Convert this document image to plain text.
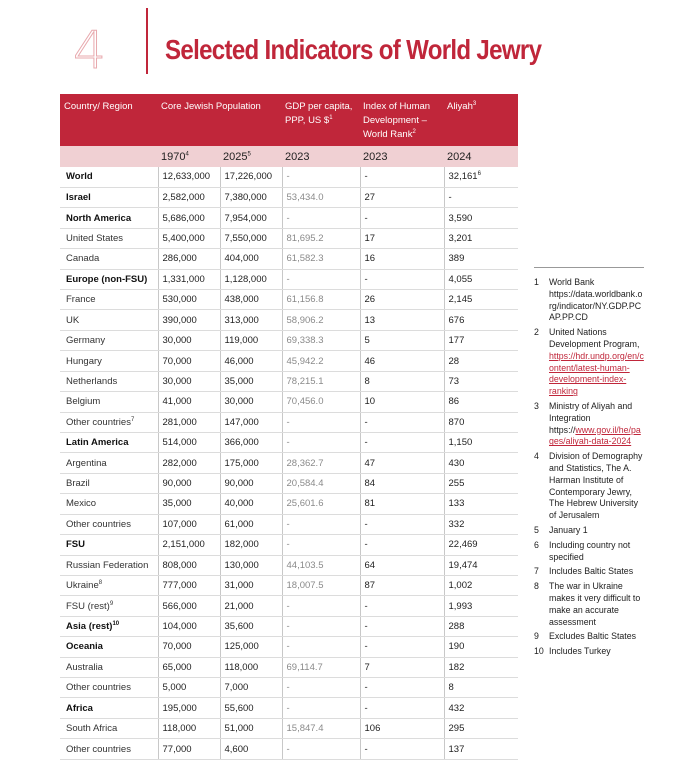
4 Selected Indicators of World Jewry
Country/ Region	Core Jewish Population		GDP per capita, PPP, US \$$^1$	Index of Human Development – World Rank$^2$	Aliyah$^3$
	1970$^4$	2025$^5$	2023	2023	2024
World	12,633,000	17,226,000	-	-	32,161$^6$
Israel	2,582,000	7,380,000	53,434.0	27	-
North America	5,686,000	7,954,000	-	-	3,590
United States	5,400,000	7,550,000	81,695.2	17	3,201
Canada	286,000	404,000	61,582.3	16	389
Europe (non-FSU)	1,331,000	1,128,000	-	-	4,055
France	530,000	438,000	61,156.8	26	2,145
UK	390,000	313,000	58,906.2	13	676
Germany	30,000	119,000	69,338.3	5	177
Hungary	70,000	46,000	45,942.2	46	28
Netherlands	30,000	35,000	78,215.1	8	73
Belgium	41,000	30,000	70,456.0	10	86
Other countries$^7$	281,000	147,000	-	-	870
Latin America	514,000	366,000	-	-	1,150
Argentina	282,000	175,000	28,362.7	47	430
Brazil	90,000	90,000	20,584.4	84	255
Mexico	35,000	40,000	25,601.6	81	133
Other countries	107,000	61,000	-	-	332
FSU	2,151,000	182,000	-	-	22,469
Russian Federation	808,000	130,000	44,103.5	64	19,474
Ukraine$^8$	777,000	31,000	18,007.5	87	1,002
FSU (rest)$^9$	566,000	21,000	-	-	1,993
Asia (rest)$^{10}$	104,000	35,600	-	-	288
Oceania	70,000	125,000	-	-	190
Australia	65,000	118,000	69,114.7	7	182
Other countries	5,000	7,000	-	-	8
Africa	195,000	55,600	-	-	432
South Africa	118,000	51,000	15,847.4	106	295
Other countries	77,000	4,600	-	-	137
1	World Bank https://data.worldbank.org/indicator/NY.GDP.PCAP.PP.CD
2	United Nations Development Program, https://hdr.undp.org/en/content/latest-human-development-index-ranking
3	Ministry of Aliyah and Integration https://www.gov.il/he/pages/aliyah-data-2024
4	Division of Demography and Statistics, The A. Harman Institute of Contemporary Jewry, The Hebrew University of Jerusalem
5	January 1
6	Including country not specified
7	Includes Baltic States
8	The war in Ukraine makes it very difficult to make an accurate assessment
9	Excludes Baltic States
10 Includes Turkey
